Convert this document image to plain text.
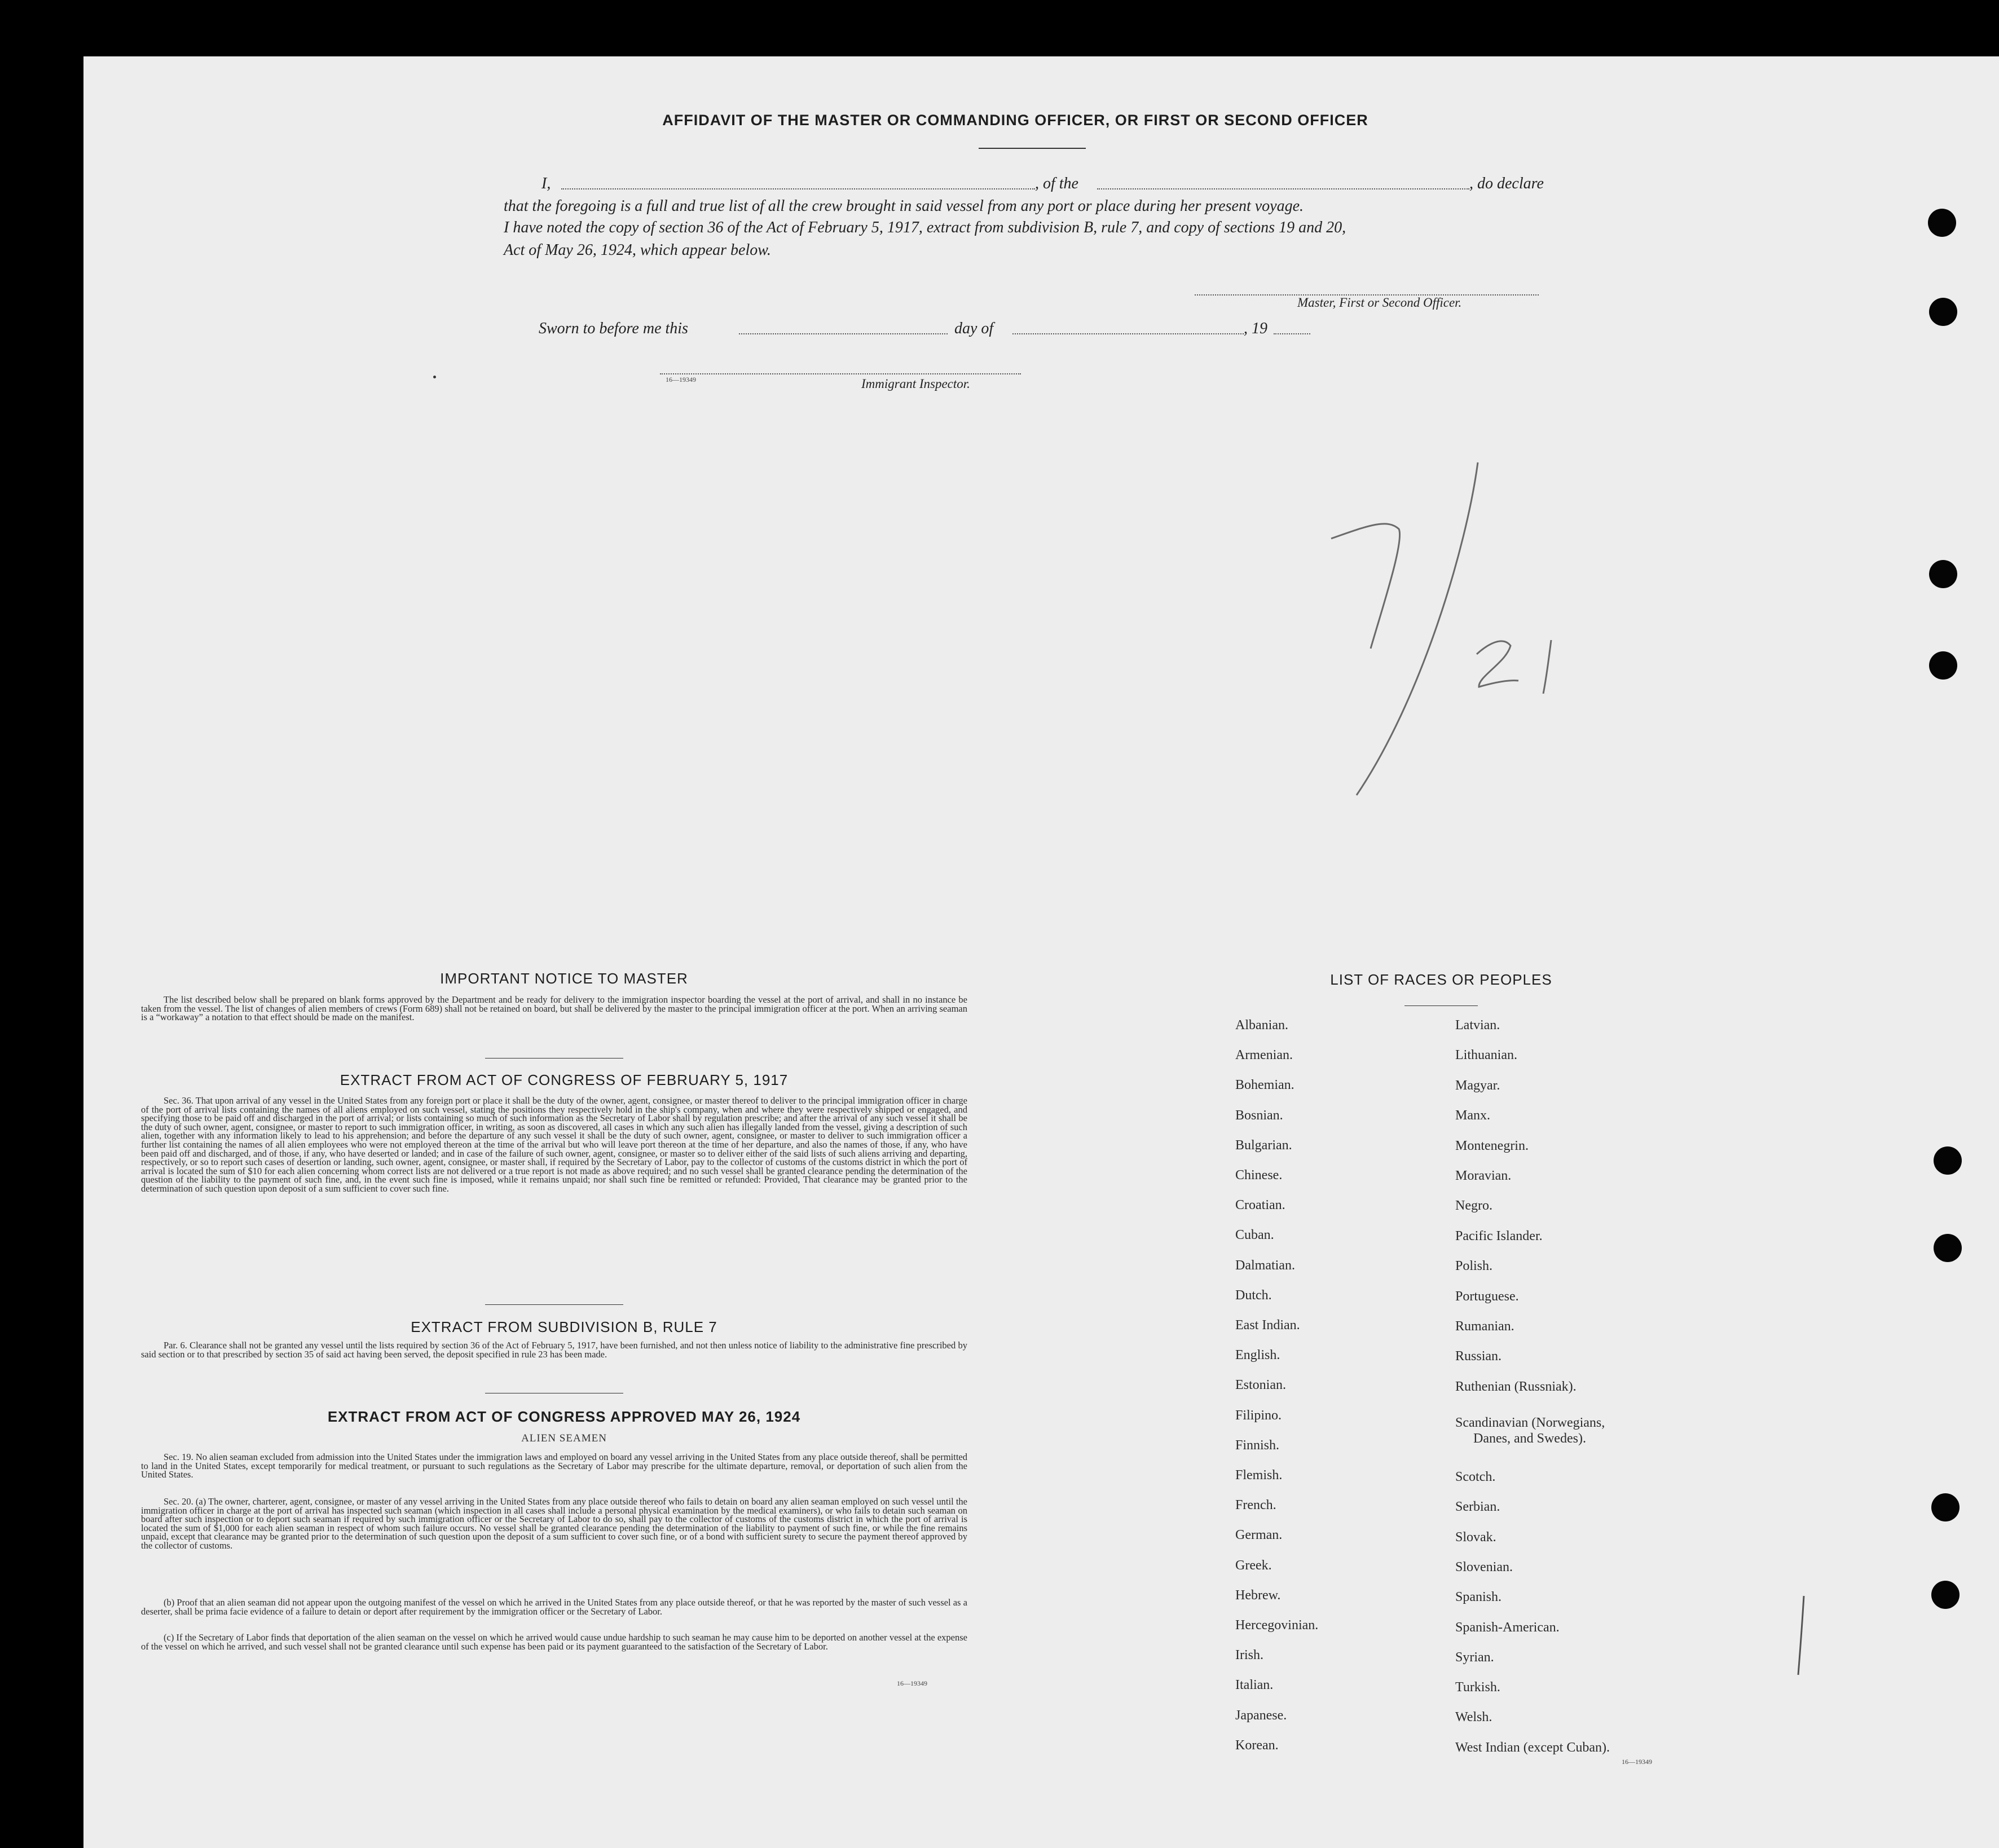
AFFIDAVIT OF THE MASTER OR COMMANDING OFFICER, OR FIRST OR SECOND OFFICER
I,	, of the	, do declare
that the foregoing is a full and true list of all the crew brought in said vessel from any port or place during her present voyage.
I have noted the copy of section 36 of the Act of February 5, 1917, extract from subdivision B, rule 7, and copy of sections 19 and 20,
Act of May 26, 1924, which appear below.
Master, First or Second Officer.
Sworn to before me this	day of	, 19
16—19349	Immigrant Inspector.
IMPORTANT NOTICE TO MASTER
The list described below shall be prepared on blank forms approved by the Department and be ready for delivery to the immigration inspector boarding the vessel at the port of arrival, and shall in no instance be taken from the vessel. The list of changes of alien members of crews (Form 689) shall not be retained on board, but shall be delivered by the master to the principal immigration officer at the port. When an arriving seaman is a “workaway” a notation to that effect should be made on the manifest.
EXTRACT FROM ACT OF CONGRESS OF FEBRUARY 5, 1917
Sec. 36. That upon arrival of any vessel in the United States from any foreign port or place it shall be the duty of the owner, agent, consignee, or master thereof to deliver to the principal immigration officer in charge of the port of arrival lists containing the names of all aliens employed on such vessel, stating the positions they respectively hold in the ship's company, when and where they were respectively shipped or engaged, and specifying those to be paid off and discharged in the port of arrival; or lists containing so much of such information as the Secretary of Labor shall by regulation prescribe; and after the arrival of any such vessel it shall be the duty of such owner, agent, consignee, or master to report to such immigration officer, in writing, as soon as discovered, all cases in which any such alien has illegally landed from the vessel, giving a description of such alien, together with any information likely to lead to his apprehension; and before the departure of any such vessel it shall be the duty of such owner, agent, consignee, or master to deliver to such immigration officer a further list containing the names of all alien employees who were not employed thereon at the time of the arrival but who will leave port thereon at the time of her departure, and also the names of those, if any, who have been paid off and discharged, and of those, if any, who have deserted or landed; and in case of the failure of such owner, agent, consignee, or master so to deliver either of the said lists of such aliens arriving and departing, respectively, or so to report such cases of desertion or landing, such owner, agent, consignee, or master shall, if required by the Secretary of Labor, pay to the collector of customs of the customs district in which the port of arrival is located the sum of $10 for each alien concerning whom correct lists are not delivered or a true report is not made as above required; and no such vessel shall be granted clearance pending the determination of the question of the liability to the payment of such fine, and, in the event such fine is imposed, while it remains unpaid; nor shall such fine be remitted or refunded: Provided, That clearance may be granted prior to the determination of such question upon deposit of a sum sufficient to cover such fine.
EXTRACT FROM SUBDIVISION B, RULE 7
Par. 6. Clearance shall not be granted any vessel until the lists required by section 36 of the Act of February 5, 1917, have been furnished, and not then unless notice of liability to the administrative fine prescribed by said section or to that prescribed by section 35 of said act having been served, the deposit specified in rule 23 has been made.
EXTRACT FROM ACT OF CONGRESS APPROVED MAY 26, 1924
ALIEN SEAMEN
Sec. 19. No alien seaman excluded from admission into the United States under the immigration laws and employed on board any vessel arriving in the United States from any place outside thereof, shall be permitted to land in the United States, except temporarily for medical treatment, or pursuant to such regulations as the Secretary of Labor may prescribe for the ultimate departure, removal, or deportation of such alien from the United States.
Sec. 20. (a) The owner, charterer, agent, consignee, or master of any vessel arriving in the United States from any place outside thereof who fails to detain on board any alien seaman employed on such vessel until the immigration officer in charge at the port of arrival has inspected such seaman (which inspection in all cases shall include a personal physical examination by the medical examiners), or who fails to detain such seaman on board after such inspection or to deport such seaman if required by such immigration officer or the Secretary of Labor to do so, shall pay to the collector of customs of the customs district in which the port of arrival is located the sum of $1,000 for each alien seaman in respect of whom such failure occurs. No vessel shall be granted clearance pending the determination of the liability to payment of such fine, or while the fine remains unpaid, except that clearance may be granted prior to the determination of such question upon the deposit of a sum sufficient to cover such fine, or of a bond with sufficient surety to secure the payment thereof approved by the collector of customs.
(b) Proof that an alien seaman did not appear upon the outgoing manifest of the vessel on which he arrived in the United States from any place outside thereof, or that he was reported by the master of such vessel as a deserter, shall be prima facie evidence of a failure to detain or deport after requirement by the immigration officer or the Secretary of Labor.
(c) If the Secretary of Labor finds that deportation of the alien seaman on the vessel on which he arrived would cause undue hardship to such seaman he may cause him to be deported on another vessel at the expense of the vessel on which he arrived, and such vessel shall not be granted clearance until such expense has been paid or its payment guaranteed to the satisfaction of the Secretary of Labor.
16—19349
LIST OF RACES OR PEOPLES
Albanian.
Armenian.
Bohemian.
Bosnian.
Bulgarian.
Chinese.
Croatian.
Cuban.
Dalmatian.
Dutch.
East Indian.
English.
Estonian.
Filipino.
Finnish.
Flemish.
French.
German.
Greek.
Hebrew.
Hercegovinian.
Irish.
Italian.
Japanese.
Korean.
Latvian.
Lithuanian.
Magyar.
Manx.
Montenegrin.
Moravian.
Negro.
Pacific Islander.
Polish.
Portuguese.
Rumanian.
Russian.
Ruthenian (Russniak).
Scandinavian (Norwegians,
Danes, and Swedes).
Scotch.
Serbian.
Slovak.
Slovenian.
Spanish.
Spanish-American.
Syrian.
Turkish.
Welsh.
West Indian (except Cuban).
16—19349
